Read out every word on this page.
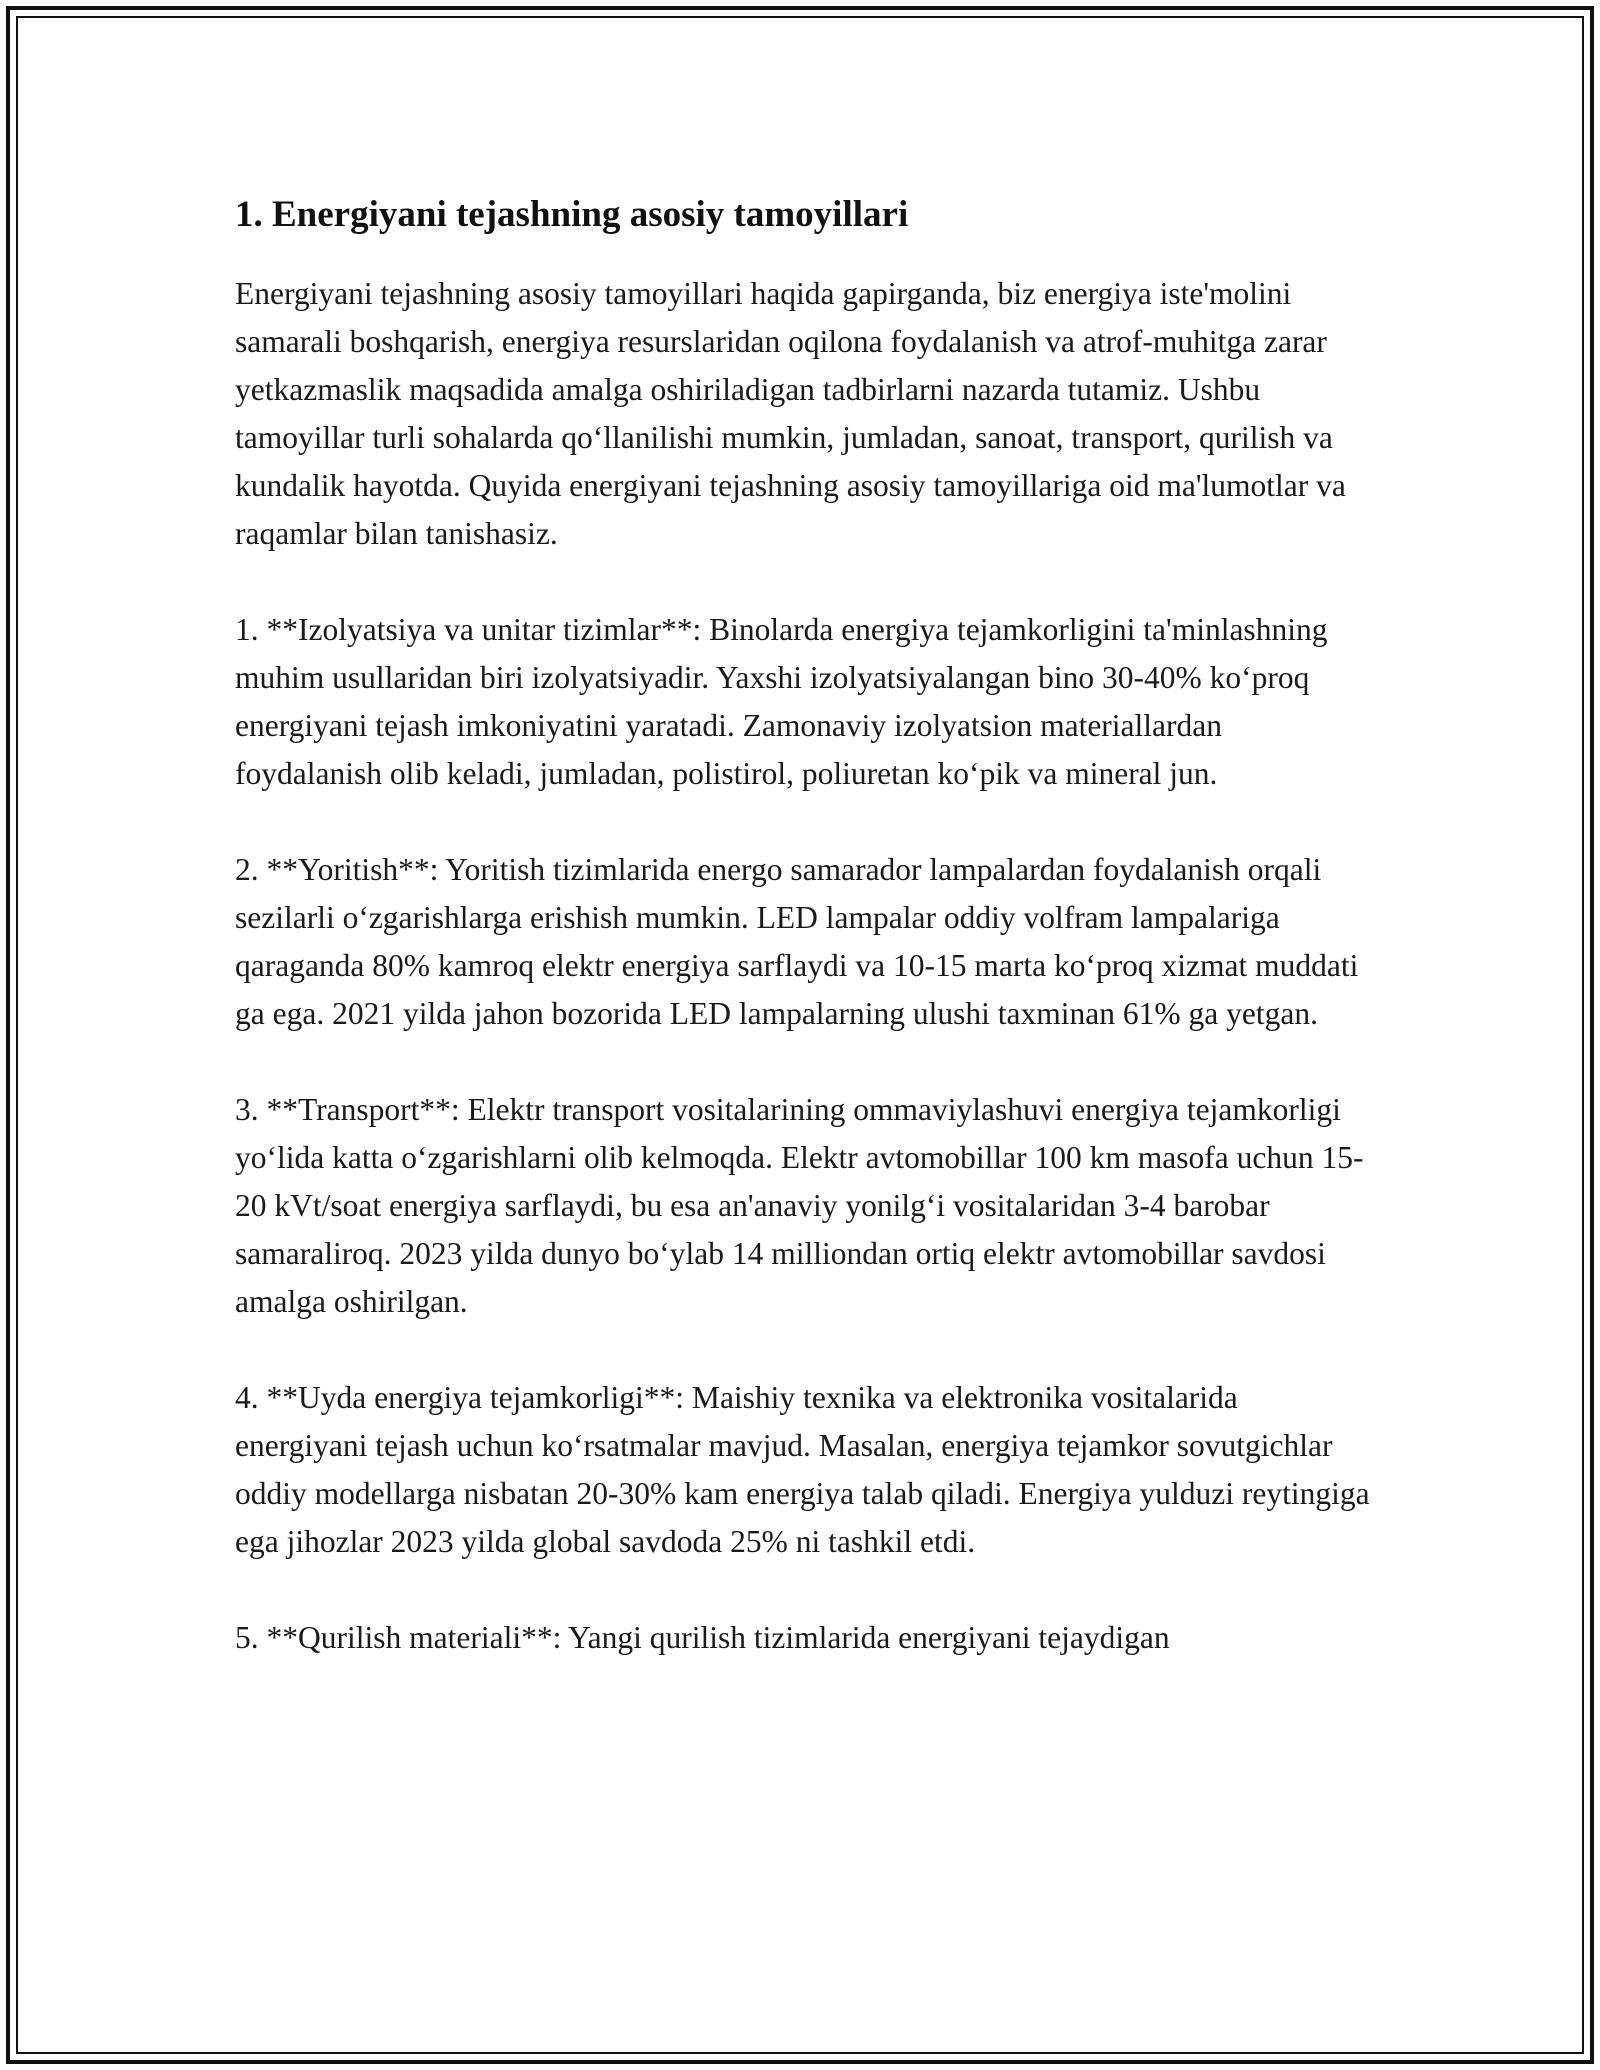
1. Energiyani tejashning asosiy tamoyillari

Energiyani tejashning asosiy tamoyillari haqida gapirganda, biz energiya iste'molini samarali boshqarish, energiya resurslaridan oqilona foydalanish va atrof-muhitga zarar yetkazmaslik maqsadida amalga oshiriladigan tadbirlarni nazarda tutamiz. Ushbu tamoyillar turli sohalarda qo‘llanilishi mumkin, jumladan, sanoat, transport, qurilish va kundalik hayotda. Quyida energiyani tejashning asosiy tamoyillariga oid ma'lumotlar va raqamlar bilan tanishasiz.

1. **Izolyatsiya va unitar tizimlar**: Binolarda energiya tejamkorligini ta'minlashning muhim usullaridan biri izolyatsiyadir. Yaxshi izolyatsiyalangan bino 30-40% ko‘proq energiyani tejash imkoniyatini yaratadi. Zamonaviy izolyatsion materiallardan foydalanish olib keladi, jumladan, polistirol, poliuretan ko‘pik va mineral jun.

2. **Yoritish**: Yoritish tizimlarida energo samarador lampalardan foydalanish orqali sezilarli o‘zgarishlarga erishish mumkin. LED lampalar oddiy volfram lampalariga qaraganda 80% kamroq elektr energiya sarflaydi va 10-15 marta ko‘proq xizmat muddati ga ega. 2021 yilda jahon bozorida LED lampalarning ulushi taxminan 61% ga yetgan.

3. **Transport**: Elektr transport vositalarining ommaviylashuvi energiya tejamkorligi yo‘lida katta o‘zgarishlarni olib kelmoqda. Elektr avtomobillar 100 km masofa uchun 15-20 kVt/soat energiya sarflaydi, bu esa an'anaviy yonilg‘i vositalaridan 3-4 barobar samaraliroq. 2023 yilda dunyo bo‘ylab 14 milliondan ortiq elektr avtomobillar savdosi amalga oshirilgan.

4. **Uyda energiya tejamkorligi**: Maishiy texnika va elektronika vositalarida energiyani tejash uchun ko‘rsatmalar mavjud. Masalan, energiya tejamkor sovutgichlar oddiy modellarga nisbatan 20-30% kam energiya talab qiladi. Energiya yulduzi reytingiga ega jihozlar 2023 yilda global savdoda 25% ni tashkil etdi.

5. **Qurilish materiali**: Yangi qurilish tizimlarida energiyani tejaydigan
